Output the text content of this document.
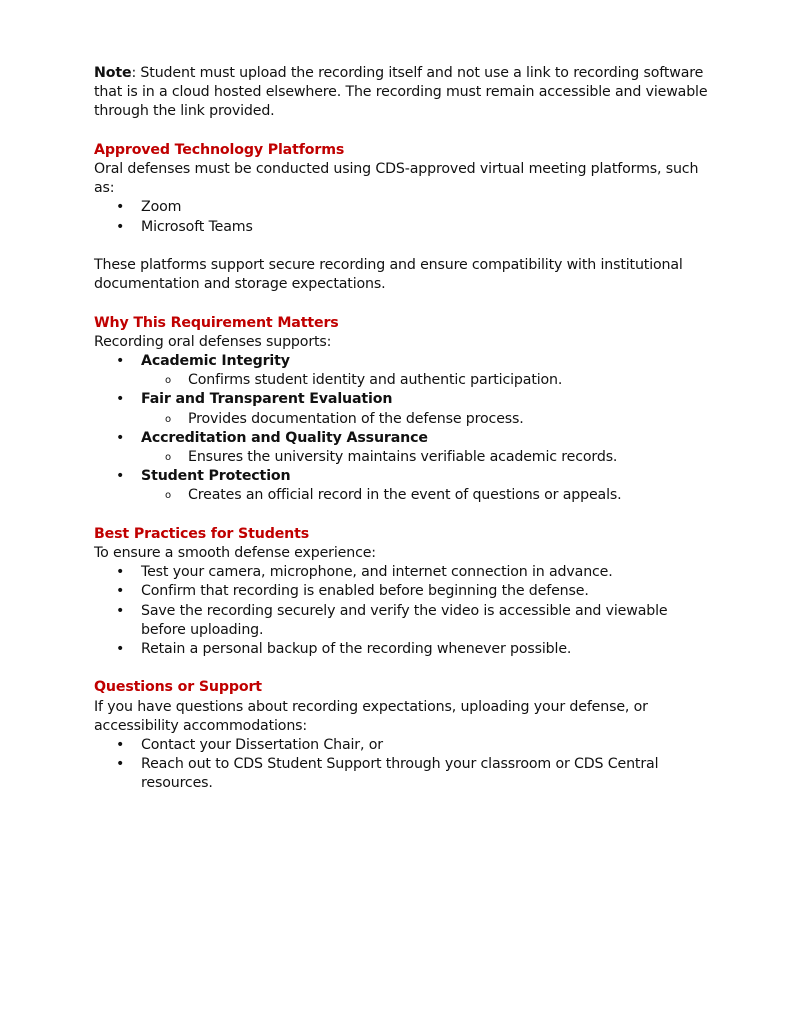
Note: Student must upload the recording itself and not use a link to recording software that is in a cloud hosted elsewhere. The recording must remain accessible and viewable through the link provided.

Approved Technology Platforms

Oral defenses must be conducted using CDS-approved virtual meeting platforms, such as:

• Zoom
• Microsoft Teams

These platforms support secure recording and ensure compatibility with institutional documentation and storage expectations.

Why This Requirement Matters

Recording oral defenses supports:

• Academic Integrity
o Confirms student identity and authentic participation.
• Fair and Transparent Evaluation
o Provides documentation of the defense process.
• Accreditation and Quality Assurance
o Ensures the university maintains verifiable academic records.
• Student Protection
o Creates an official record in the event of questions or appeals.

Best Practices for Students

To ensure a smooth defense experience:

• Test your camera, microphone, and internet connection in advance.
• Confirm that recording is enabled before beginning the defense.
• Save the recording securely and verify the video is accessible and viewable before uploading.
• Retain a personal backup of the recording whenever possible.

Questions or Support

If you have questions about recording expectations, uploading your defense, or accessibility accommodations:

• Contact your Dissertation Chair, or
• Reach out to CDS Student Support through your classroom or CDS Central resources.
